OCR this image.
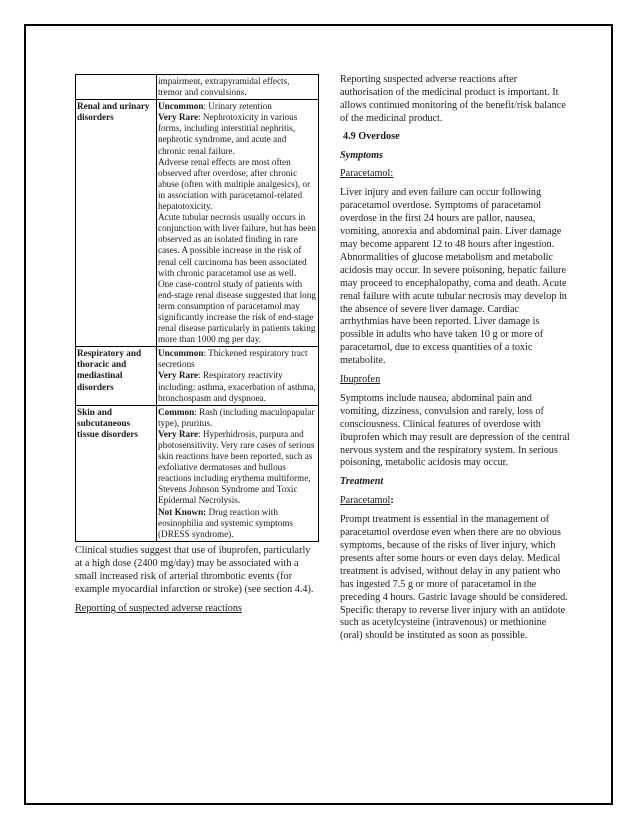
	impairment, extrapyramidal effects,
tremor and convulsions.

Renal and urinary disorders	Uncommon: Urinary retention
Very Rare: Nephrotoxicity in various forms, including interstitial nephritis, nephrotic syndrome, and acute and chronic renal failure.
Adverse renal effects are most often observed after overdose, after chronic abuse (often with multiple analgesics), or in association with paracetamol-related hepatotoxicity.
Acute tubular necrosis usually occurs in conjunction with liver failure, but has been observed as an isolated finding in rare cases. A possible increase in the risk of renal cell carcinoma has been associated with chronic paracetamol use as well.
One case-control study of patients with end-stage renal disease suggested that long term consumption of paracetamol may significantly increase the risk of end-stage renal disease particularly in patients taking more than 1000 mg per day.

Respiratory and thoracic and mediastinal disorders	Uncommon: Thickened respiratory tract secretions
Very Rare: Respiratory reactivity including: asthma, exacerbation of asthma, bronchospasm and dyspnoea.

Skin and subcutaneous tissue disorders	Common: Rash (including maculopapular type), pruritus.
Very Rare: Hyperhidrosis, purpura and photosensitivity. Very rare cases of serious skin reactions have been reported, such as exfoliative dermatoses and bullous reactions including erythema multiforme, Stevens Johnson Syndrome and Toxic Epidermal Necrolysis.
Not Known: Drug reaction with eosinophilia and systemic symptoms (DRESS syndrome).

Clinical studies suggest that use of ibuprofen, particularly at a high dose (2400 mg/day) may be associated with a small increased risk of arterial thrombotic events (for example myocardial infarction or stroke) (see section 4.4).

Reporting of suspected adverse reactions

Reporting suspected adverse reactions after authorisation of the medicinal product is important. It allows continued monitoring of the benefit/risk balance of the medicinal product.

4.9 Overdose

Symptoms

Paracetamol:

Liver injury and even failure can occur following paracetamol overdose. Symptoms of paracetamol overdose in the first 24 hours are pallor, nausea, vomiting, anorexia and abdominal pain. Liver damage may become apparent 12 to 48 hours after ingestion. Abnormalities of glucose metabolism and metabolic acidosis may occur. In severe poisoning, hepatic failure may proceed to encephalopathy, coma and death. Acute renal failure with acute tubular necrosis may develop in the absence of severe liver damage. Cardiac arrhythmias have been reported. Liver damage is possible in adults who have taken 10 g or more of paracetamol, due to excess quantities of a toxic metabolite.

Ibuprofen

Symptoms include nausea, abdominal pain and vomiting, dizziness, convulsion and rarely, loss of consciousness. Clinical features of overdose with ibuprofen which may result are depression of the central nervous system and the respiratory system. In serious poisoning, metabolic acidosis may occur.

Treatment

Paracetamol:

Prompt treatment is essential in the management of paracetamol overdose even when there are no obvious symptoms, because of the risks of liver injury, which presents after some hours or even days delay. Medical treatment is advised, without delay in any patient who has ingested 7.5 g or more of paracetamol in the preceding 4 hours. Gastric lavage should be considered. Specific therapy to reverse liver injury with an antidote such as acetylcysteine (intravenous) or methionine (oral) should be instituted as soon as possible.
